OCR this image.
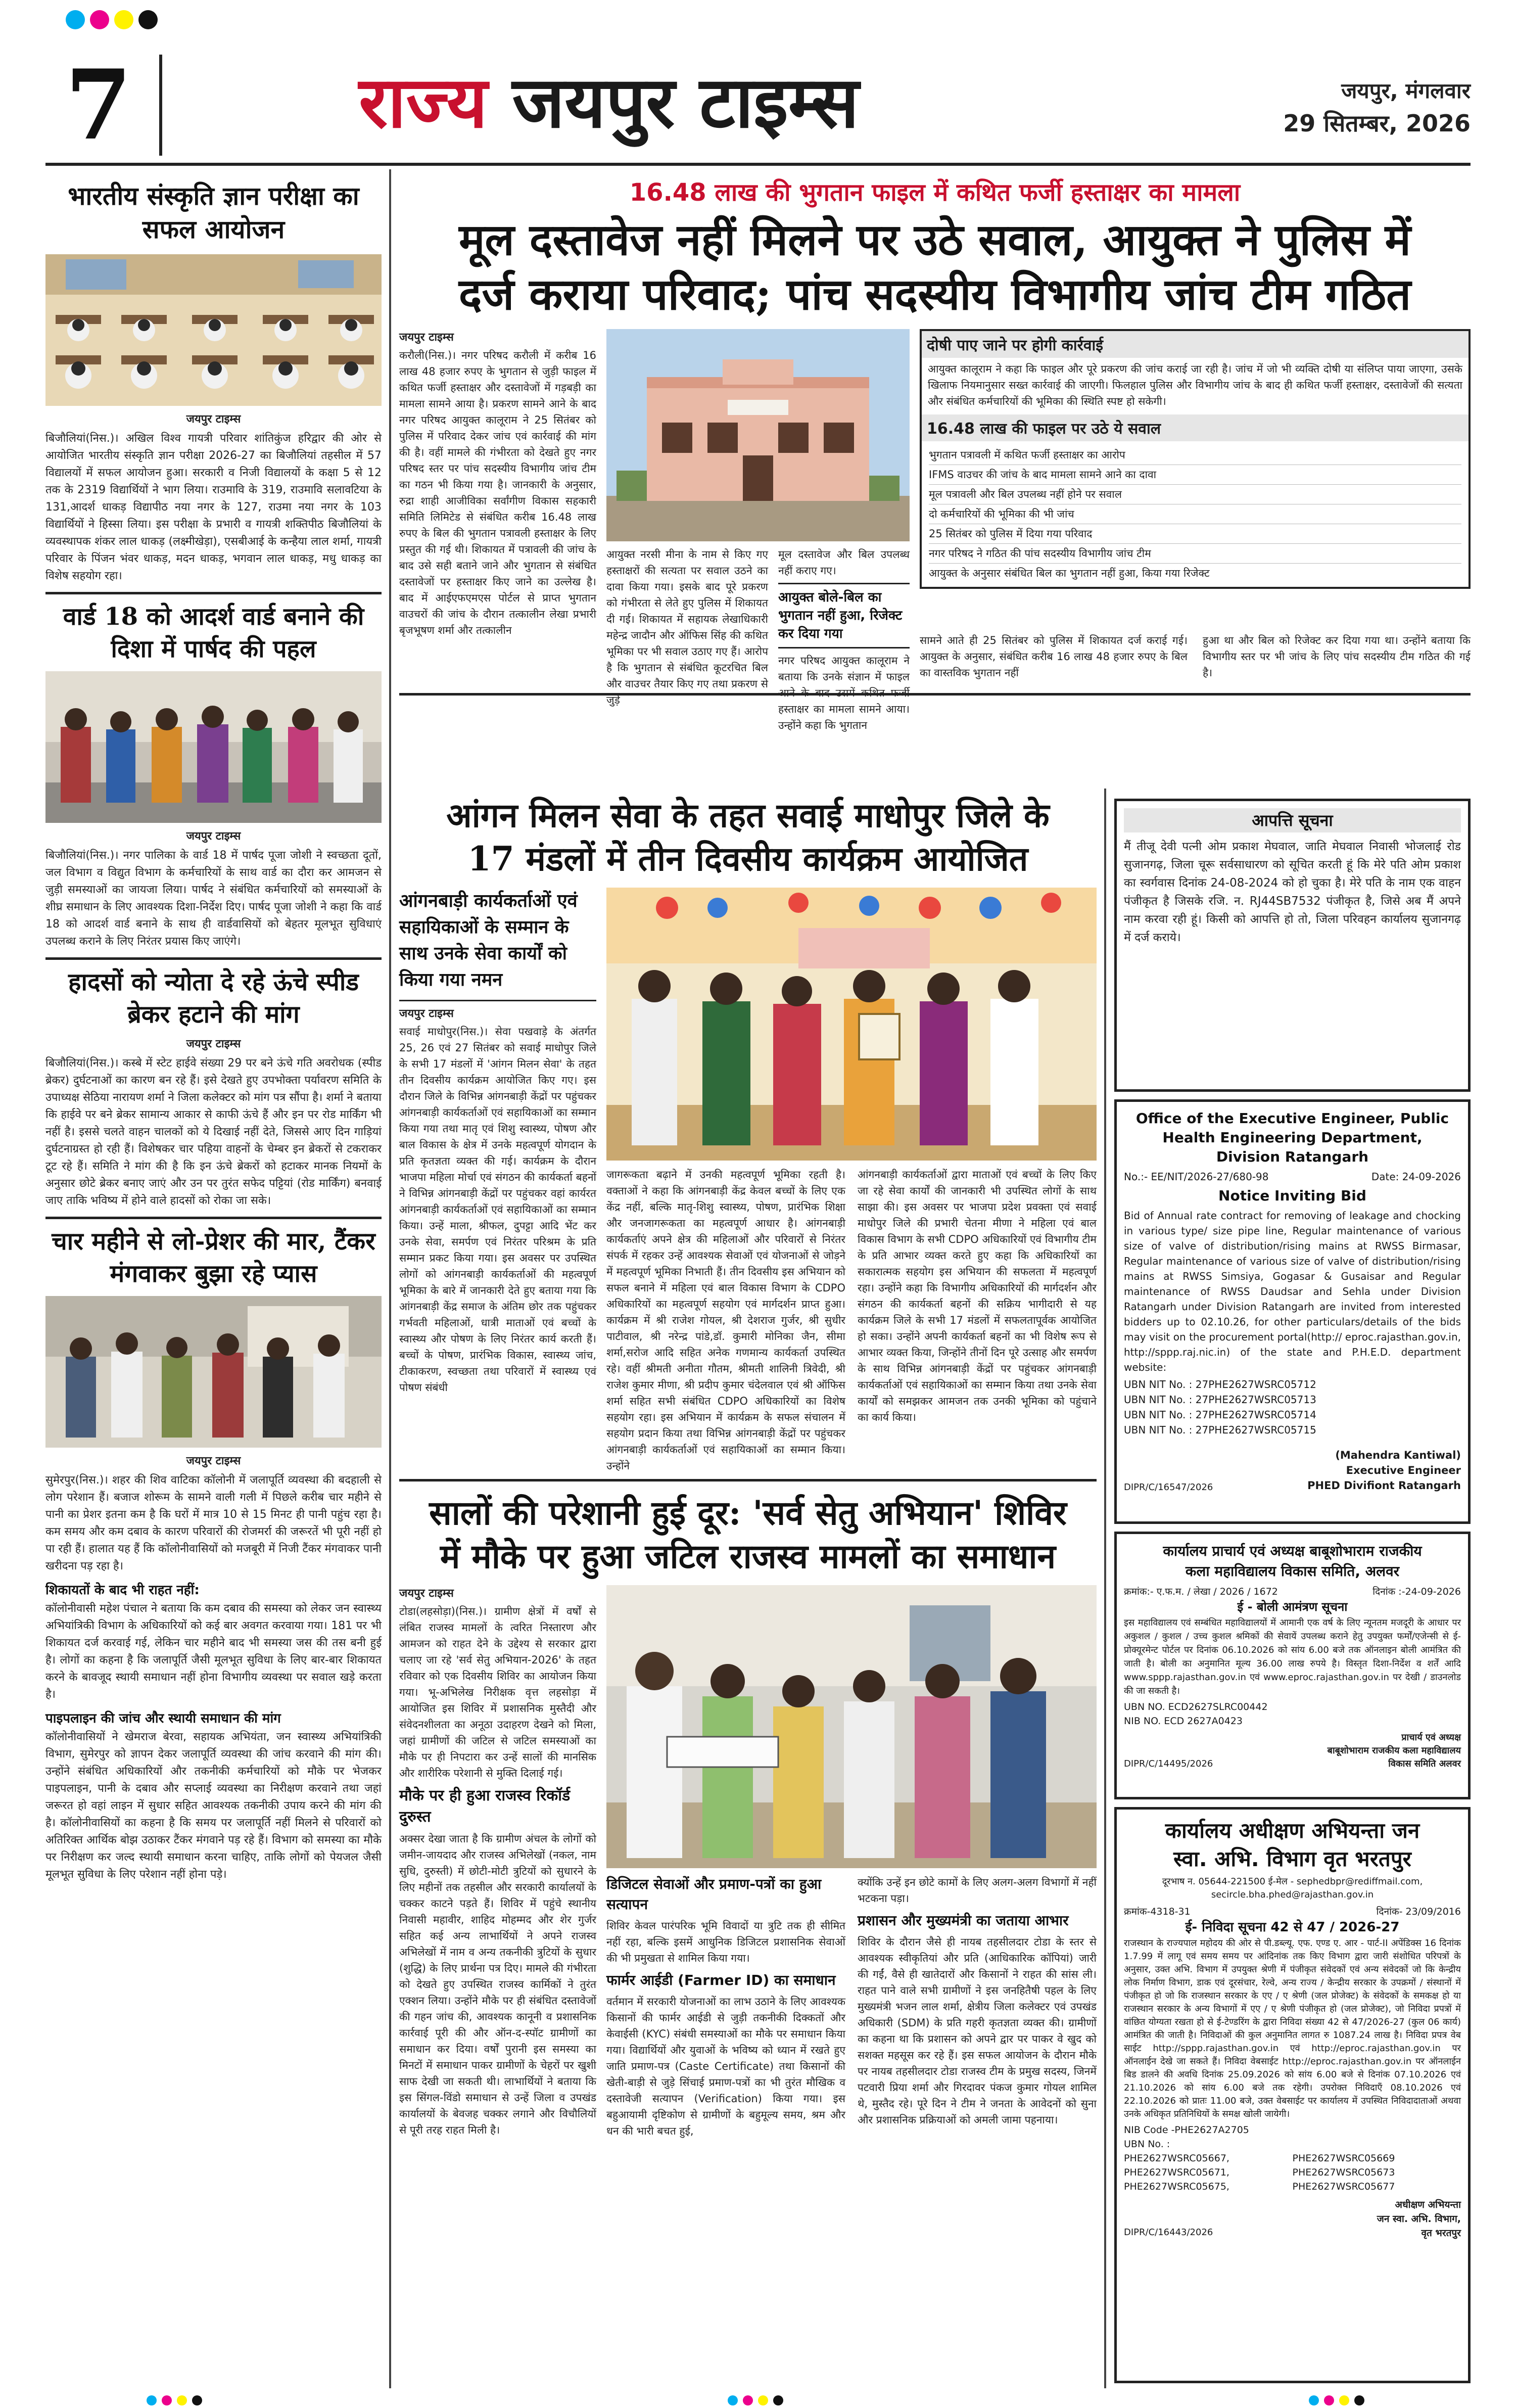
7	राज्य जयपुर टाइम्स	जयपुर, मंगलवार
29 सितम्बर, 2026
भारतीय संस्कृति ज्ञान परीक्षा का सफल आयोजन
जयपुर टाइम्स

बिजौलियां(निस.)। अखिल विश्व गायत्री परिवार शांतिकुंज हरिद्वार की ओर से आयोजित भारतीय संस्कृति ज्ञान परीक्षा 2026-27 का बिजौलियां तहसील में 57 विद्यालयों में सफल आयोजन हुआ। सरकारी व निजी विद्यालयों के कक्षा 5 से 12 तक के 2319 विद्यार्थियों ने भाग लिया। राउमावि के 319, राउमावि सलावटिया के 131,आदर्श धाकड़ विद्यापीठ नया नगर के 127, राउमा नया नगर के 103 विद्यार्थियों ने हिस्सा लिया। इस परीक्षा के प्रभारी व गायत्री शक्तिपीठ बिजौलियां के व्यवस्थापक शंकर लाल धाकड़ (लक्ष्मीखेड़ा), एसबीआई के कन्हैया लाल शर्मा, गायत्री परिवार के पिंजन भंवर धाकड़, मदन धाकड़, भगवान लाल धाकड़, मधु धाकड़ का विशेष सहयोग रहा।

वार्ड 18 को आदर्श वार्ड बनाने की दिशा में पार्षद की पहल
जयपुर टाइम्स

बिजौलियां(निस.)। नगर पालिका के वार्ड 18 में पार्षद पूजा जोशी ने स्वच्छता दूतों, जल विभाग व विद्युत विभाग के कर्मचारियों के साथ वार्ड का दौरा कर आमजन से जुड़ी समस्याओं का जायजा लिया। पार्षद ने संबंधित कर्मचारियों को समस्याओं के शीघ्र समाधान के लिए आवश्यक दिशा-निर्देश दिए। पार्षद पूजा जोशी ने कहा कि वार्ड 18 को आदर्श वार्ड बनाने के साथ ही वार्डवासियों को बेहतर मूलभूत सुविधाएं उपलब्ध कराने के लिए निरंतर प्रयास किए जाएंगे।

हादसों को न्योता दे रहे ऊंचे स्पीड ब्रेकर हटाने की मांग
जयपुर टाइम्स

बिजौलियां(निस.)। कस्बे में स्टेट हाईवे संख्या 29 पर बने ऊंचे गति अवरोधक (स्पीड ब्रेकर) दुर्घटनाओं का कारण बन रहे हैं। इसे देखते हुए उपभोक्ता पर्यावरण समिति के उपाध्यक्ष सेठिया नारायण शर्मा ने जिला कलेक्टर को मांग पत्र सौंपा है। शर्मा ने बताया कि हाईवे पर बने ब्रेकर सामान्य आकार से काफी ऊंचे हैं और इन पर रोड मार्किंग भी नहीं है। इससे चलते वाहन चालकों को ये दिखाई नहीं देते, जिससे आए दिन गाड़ियां दुर्घटनाग्रस्त हो रही हैं। विशेषकर चार पहिया वाहनों के चेम्बर इन ब्रेकरों से टकराकर टूट रहे हैं। समिति ने मांग की है कि इन ऊंचे ब्रेकरों को हटाकर मानक नियमों के अनुसार छोटे ब्रेकर बनाए जाएं और उन पर तुरंत सफेद पट्टियां (रोड मार्किंग) बनवाई जाए ताकि भविष्य में होने वाले हादसों को रोका जा सके।

चार महीने से लो-प्रेशर की मार, टैंकर मंगवाकर बुझा रहे प्यास
जयपुर टाइम्स

सुमेरपुर(निस.)। शहर की शिव वाटिका कॉलोनी में जलापूर्ति व्यवस्था की बदहाली से लोग परेशान हैं। बजाज शोरूम के सामने वाली गली में पिछले करीब चार महीने से पानी का प्रेशर इतना कम है कि घरों में मात्र 10 से 15 मिनट ही पानी पहुंच रहा है। कम समय और कम दबाव के कारण परिवारों की रोजमर्रा की जरूरतें भी पूरी नहीं हो पा रही हैं। हालात यह हैं कि कॉलोनीवासियों को मजबूरी में निजी टैंकर मंगवाकर पानी खरीदना पड़ रहा है।

शिकायतों के बाद भी राहत नहीं:

कॉलोनीवासी महेश पंचाल ने बताया कि कम दबाव की समस्या को लेकर जन स्वास्थ्य अभियांत्रिकी विभाग के अधिकारियों को कई बार अवगत करवाया गया। 181 पर भी शिकायत दर्ज करवाई गई, लेकिन चार महीने बाद भी समस्या जस की तस बनी हुई है। लोगों का कहना है कि जलापूर्ति जैसी मूलभूत सुविधा के लिए बार-बार शिकायत करने के बावजूद स्थायी समाधान नहीं होना विभागीय व्यवस्था पर सवाल खड़े करता है।

पाइपलाइन की जांच और स्थायी समाधान की मांग

कॉलोनीवासियों ने खेमराज बेरवा, सहायक अभियंता, जन स्वास्थ्य अभियांत्रिकी विभाग, सुमेरपुर को ज्ञापन देकर जलापूर्ति व्यवस्था की जांच करवाने की मांग की। उन्होंने संबंधित अधिकारियों और तकनीकी कर्मचारियों को मौके पर भेजकर पाइपलाइन, पानी के दबाव और सप्लाई व्यवस्था का निरीक्षण करवाने तथा जहां जरूरत हो वहां लाइन में सुधार सहित आवश्यक तकनीकी उपाय करने की मांग की है। कॉलोनीवासियों का कहना है कि समय पर जलापूर्ति नहीं मिलने से परिवारों को अतिरिक्त आर्थिक बोझ उठाकर टैंकर मंगवाने पड़ रहे हैं। विभाग को समस्या का मौके पर निरीक्षण कर जल्द स्थायी समाधान करना चाहिए, ताकि लोगों को पेयजल जैसी मूलभूत सुविधा के लिए परेशान नहीं होना पड़े।

16.48 लाख की भुगतान फाइल में कथित फर्जी हस्ताक्षर का मामला
मूल दस्तावेज नहीं मिलने पर उठे सवाल, आयुक्त ने पुलिस में
दर्ज कराया परिवाद; पांच सदस्यीय विभागीय जांच टीम गठित
जयपुर टाइम्स

करौली(निस.)। नगर परिषद करौली में करीब 16 लाख 48 हजार रुपए के भुगतान से जुड़ी फाइल में कथित फर्जी हस्ताक्षर और दस्तावेजों में गड़बड़ी का मामला सामने आया है। प्रकरण सामने आने के बाद नगर परिषद आयुक्त कालूराम ने 25 सितंबर को पुलिस में परिवाद देकर जांच एवं कार्रवाई की मांग की है। वहीं मामले की गंभीरता को देखते हुए नगर परिषद स्तर पर पांच सदस्यीय विभागीय जांच टीम का गठन भी किया गया है। जानकारी के अनुसार, रुद्रा शाही आजीविका सर्वांगीण विकास सहकारी समिति लिमिटेड से संबंधित करीब 16.48 लाख रुपए के बिल की भुगतान पत्रावली हस्ताक्षर के लिए प्रस्तुत की गई थी। शिकायत में पत्रावली की जांच के बाद उसे सही बताने जाने और भुगतान से संबंधित दस्तावेजों पर हस्ताक्षर किए जाने का उल्लेख है। बाद में आईएफएमएस पोर्टल से प्राप्त भुगतान वाउचरों की जांच के दौरान तत्कालीन लेखा प्रभारी बृजभूषण शर्मा और तत्कालीन

आयुक्त नरसी मीना के नाम से किए गए हस्ताक्षरों की सत्यता पर सवाल उठने का दावा किया गया। इसके बाद पूरे प्रकरण को गंभीरता से लेते हुए पुलिस में शिकायत दी गई। शिकायत में सहायक लेखाधिकारी महेन्द्र जादौन और ऑफिस सिंह की कथित भूमिका पर भी सवाल उठाए गए हैं। आरोप है कि भुगतान से संबंधित कूटरचित बिल और वाउचर तैयार किए गए तथा प्रकरण से जुड़े

मूल दस्तावेज और बिल उपलब्ध नहीं कराए गए।

आयुक्त बोले-बिल का भुगतान नहीं हुआ, रिजेक्ट कर दिया गया

नगर परिषद आयुक्त कालूराम ने बताया कि उनके संज्ञान में फाइल आने के बाद उसमें कथित फर्जी हस्ताक्षर का मामला सामने आया। उन्होंने कहा कि भुगतान

दोषी पाए जाने पर होगी कार्रवाई

आयुक्त कालूराम ने कहा कि फाइल और पूरे प्रकरण की जांच कराई जा रही है। जांच में जो भी व्यक्ति दोषी या संलिप्त पाया जाएगा, उसके खिलाफ नियमानुसार सख्त कार्रवाई की जाएगी। फिलहाल पुलिस और विभागीय जांच के बाद ही कथित फर्जी हस्ताक्षर, दस्तावेजों की सत्यता और संबंधित कर्मचारियों की भूमिका की स्थिति स्पष्ट हो सकेगी।

16.48 लाख की फाइल पर उठे ये सवाल
भुगतान पत्रावली में कथित फर्जी हस्ताक्षर का आरोप
IFMS वाउचर की जांच के बाद मामला सामने आने का दावा
मूल पत्रावली और बिल उपलब्ध नहीं होने पर सवाल
दो कर्मचारियों की भूमिका की भी जांच
25 सितंबर को पुलिस में दिया गया परिवाद
नगर परिषद ने गठित की पांच सदस्यीय विभागीय जांच टीम
आयुक्त के अनुसार संबंधित बिल का भुगतान नहीं हुआ, किया गया रिजेक्ट

सामने आते ही 25 सितंबर को पुलिस में शिकायत दर्ज कराई गई। आयुक्त के अनुसार, संबंधित करीब 16 लाख 48 हजार रुपए के बिल का वास्तविक भुगतान नहीं

हुआ था और बिल को रिजेक्ट कर दिया गया था। उन्होंने बताया कि विभागीय स्तर पर भी जांच के लिए पांच सदस्यीय टीम गठित की गई है।

आंगन मिलन सेवा के तहत सवाई माधोपुर जिले के
17 मंडलों में तीन दिवसीय कार्यक्रम आयोजित
आंगनबाड़ी कार्यकर्ताओं एवं सहायिकाओं के सम्मान के साथ उनके सेवा कार्यों को किया गया नमन
जयपुर टाइम्स

सवाई माधोपुर(निस.)। सेवा पखवाड़े के अंतर्गत 25, 26 एवं 27 सितंबर को सवाई माधोपुर जिले के सभी 17 मंडलों में 'आंगन मिलन सेवा' के तहत तीन दिवसीय कार्यक्रम आयोजित किए गए। इस दौरान जिले के विभिन्न आंगनबाड़ी केंद्रों पर पहुंचकर आंगनबाड़ी कार्यकर्ताओं एवं सहायिकाओं का सम्मान किया गया तथा मातृ एवं शिशु स्वास्थ्य, पोषण और बाल विकास के क्षेत्र में उनके महत्वपूर्ण योगदान के प्रति कृतज्ञता व्यक्त की गई। कार्यक्रम के दौरान भाजपा महिला मोर्चा एवं संगठन की कार्यकर्ता बहनों ने विभिन्न आंगनबाड़ी केंद्रों पर पहुंचकर वहां कार्यरत आंगनबाड़ी कार्यकर्ताओं एवं सहायिकाओं का सम्मान किया। उन्हें माला, श्रीफल, दुपट्टा आदि भेंट कर उनके सेवा, समर्पण एवं निरंतर परिश्रम के प्रति सम्मान प्रकट किया गया। इस अवसर पर उपस्थित लोगों को आंगनबाड़ी कार्यकर्ताओं की महत्वपूर्ण भूमिका के बारे में जानकारी देते हुए बताया गया कि आंगनबाड़ी केंद्र समाज के अंतिम छोर तक पहुंचकर गर्भवती महिलाओं, धात्री माताओं एवं बच्चों के स्वास्थ्य और पोषण के लिए निरंतर कार्य करती हैं। बच्चों के पोषण, प्रारंभिक विकास, स्वास्थ्य जांच, टीकाकरण, स्वच्छता तथा परिवारों में स्वास्थ्य एवं पोषण संबंधी

जागरूकता बढ़ाने में उनकी महत्वपूर्ण भूमिका रहती है। वक्ताओं ने कहा कि आंगनबाड़ी केंद्र केवल बच्चों के लिए एक केंद्र नहीं, बल्कि मातृ-शिशु स्वास्थ्य, पोषण, प्रारंभिक शिक्षा और जनजागरूकता का महत्वपूर्ण आधार है। आंगनबाड़ी कार्यकर्ताएं अपने क्षेत्र की महिलाओं और परिवारों से निरंतर संपर्क में रहकर उन्हें आवश्यक सेवाओं एवं योजनाओं से जोड़ने में महत्वपूर्ण भूमिका निभाती हैं। तीन दिवसीय इस अभियान को सफल बनाने में महिला एवं बाल विकास विभाग के CDPO अधिकारियों का महत्वपूर्ण सहयोग एवं मार्गदर्शन प्राप्त हुआ। कार्यक्रम में श्री राजेश गोयल, श्री देशराज गुर्जर, श्री सुधीर पाटीवाल, श्री नरेन्द्र पांडे,डॉ. कुमारी मोनिका जैन, सीमा शर्मा,सरोज आदि सहित अनेक गणमान्य कार्यकर्ता उपस्थित रहे। वहीं श्रीमती अनीता गौतम, श्रीमती शालिनी त्रिवेदी, श्री राजेश कुमार मीणा, श्री प्रदीप कुमार चंदेलवाल एवं श्री ऑफिस शर्मा सहित सभी संबंधित CDPO अधिकारियों का विशेष सहयोग रहा। इस अभियान में कार्यक्रम के सफल संचालन में सहयोग प्रदान किया तथा विभिन्न आंगनबाड़ी केंद्रों पर पहुंचकर आंगनबाड़ी कार्यकर्ताओं एवं सहायिकाओं का सम्मान किया। उन्होंने

आंगनबाड़ी कार्यकर्ताओं द्वारा माताओं एवं बच्चों के लिए किए जा रहे सेवा कार्यों की जानकारी भी उपस्थित लोगों के साथ साझा की। इस अवसर पर भाजपा प्रदेश प्रवक्ता एवं सवाई माधोपुर जिले की प्रभारी चेतना मीणा ने महिला एवं बाल विकास विभाग के सभी CDPO अधिकारियों एवं विभागीय टीम के प्रति आभार व्यक्त करते हुए कहा कि अधिकारियों का सकारात्मक सहयोग इस अभियान की सफलता में महत्वपूर्ण रहा। उन्होंने कहा कि विभागीय अधिकारियों की मार्गदर्शन और संगठन की कार्यकर्ता बहनों की सक्रिय भागीदारी से यह कार्यक्रम जिले के सभी 17 मंडलों में सफलतापूर्वक आयोजित हो सका। उन्होंने अपनी कार्यकर्ता बहनों का भी विशेष रूप से आभार व्यक्त किया, जिन्होंने तीनों दिन पूरे उत्साह और समर्पण के साथ विभिन्न आंगनबाड़ी केंद्रों पर पहुंचकर आंगनबाड़ी कार्यकर्ताओं एवं सहायिकाओं का सम्मान किया तथा उनके सेवा कार्यों को समझकर आमजन तक उनकी भूमिका को पहुंचाने का कार्य किया।

सालों की परेशानी हुई दूर: 'सर्व सेतु अभियान' शिविर
में मौके पर हुआ जटिल राजस्व मामलों का समाधान
जयपुर टाइम्स

टोडा(लहसोड़ा)(निस.)। ग्रामीण क्षेत्रों में वर्षों से लंबित राजस्व मामलों के त्वरित निस्तारण और आमजन को राहत देने के उद्देश्य से सरकार द्वारा चलाए जा रहे 'सर्व सेतु अभियान-2026' के तहत रविवार को एक दिवसीय शिविर का आयोजन किया गया। भू-अभिलेख निरीक्षक वृत्त लहसोड़ा में आयोजित इस शिविर में प्रशासनिक मुस्तैदी और संवेदनशीलता का अनूठा उदाहरण देखने को मिला, जहां ग्रामीणों की जटिल से जटिल समस्याओं का मौके पर ही निपटारा कर उन्हें सालों की मानसिक और शारीरिक परेशानी से मुक्ति दिलाई गई।

मौके पर ही हुआ राजस्व रिकॉर्ड दुरुस्त

अक्सर देखा जाता है कि ग्रामीण अंचल के लोगों को जमीन-जायदाद और राजस्व अभिलेखों (नकल, नाम सुधि, दुरुस्ती) में छोटी-मोटी त्रुटियों को सुधारने के लिए महीनों तक तहसील और सरकारी कार्यालयों के चक्कर काटने पड़ते हैं। शिविर में पहुंचे स्थानीय निवासी महावीर, शाहिद मोहम्मद और शेर गुर्जर सहित कई अन्य लाभार्थियों ने अपने राजस्व अभिलेखों में नाम व अन्य तकनीकी त्रुटियों के सुधार (शुद्धि) के लिए प्रार्थना पत्र दिए। मामले की गंभीरता को देखते हुए उपस्थित राजस्व कार्मिकों ने तुरंत एक्शन लिया। उन्होंने मौके पर ही संबंधित दस्तावेजों की गहन जांच की, आवश्यक कानूनी व प्रशासनिक कार्रवाई पूरी की और ऑन-द-स्पॉट ग्रामीणों का समाधान कर दिया। वर्षों पुरानी इस समस्या का मिनटों में समाधान पाकर ग्रामीणों के चेहरों पर खुशी साफ देखी जा सकती थी। लाभार्थियों ने बताया कि इस सिंगल-विंडो समाधान से उन्हें जिला व उपखंड कार्यालयों के बेवजह चक्कर लगाने और विचौलियों से पूरी तरह राहत मिली है।

डिजिटल सेवाओं और प्रमाण-पत्रों का हुआ सत्यापन

शिविर केवल पारंपरिक भूमि विवादों या त्रुटि तक ही सीमित नहीं रहा, बल्कि इसमें आधुनिक डिजिटल प्रशासनिक सेवाओं की भी प्रमुखता से शामिल किया गया।

फार्मर आईडी (Farmer ID) का समाधान

वर्तमान में सरकारी योजनाओं का लाभ उठाने के लिए आवश्यक किसानों की फार्मर आईडी से जुड़ी तकनीकी दिक्कतों और केवाईसी (KYC) संबंधी समस्याओं का मौके पर समाधान किया गया। विद्यार्थियों और युवाओं के भविष्य को ध्यान में रखते हुए जाति प्रमाण-पत्र (Caste Certificate) तथा किसानों की खेती-बाड़ी से जुड़े सिंचाई प्रमाण-पत्रों का भी तुरंत मौखिक व दस्तावेजी सत्यापन (Verification) किया गया। इस बहुआयामी दृष्टिकोण से ग्रामीणों के बहुमूल्य समय, श्रम और धन की भारी बचत हुई,

क्योंकि उन्हें इन छोटे कामों के लिए अलग-अलग विभागों में नहीं भटकना पड़ा।

प्रशासन और मुख्यमंत्री का जताया आभार

शिविर के दौरान जैसे ही नायब तहसीलदार टोडा के स्तर से आवश्यक स्वीकृतियां और प्रति (आधिकारिक कॉपियां) जारी की गईं, वैसे ही खातेदारों और किसानों ने राहत की सांस ली। राहत पाने वाले सभी ग्रामीणों ने इस जनहितैषी पहल के लिए मुख्यमंत्री भजन लाल शर्मा, क्षेत्रीय जिला कलेक्टर एवं उपखंड अधिकारी (SDM) के प्रति गहरी कृतज्ञता व्यक्त की। ग्रामीणों का कहना था कि प्रशासन को अपने द्वार पर पाकर वे खुद को सशक्त महसूस कर रहे हैं। इस सफल आयोजन के दौरान मौके पर नायब तहसीलदार टोडा राजस्व टीम के प्रमुख सदस्य, जिनमें पटवारी प्रिया शर्मा और गिरदावर पंकज कुमार गोयल शामिल थे, मुस्तैद रहे। पूरे दिन ने टीम ने जनता के आवेदनों को सुना और प्रशासनिक प्रक्रियाओं को अमली जामा पहनाया।

आपत्ति सूचना

मैं तीजू देवी पत्नी ओम प्रकाश मेघवाल, जाति मेघवाल निवासी भोजलाई रोड सुजानगढ़, जिला चूरू सर्वसाधारण को सूचित करती हूं कि मेरे पति ओम प्रकाश का स्वर्गवास दिनांक 24-08-2024 को हो चुका है। मेरे पति के नाम एक वाहन पंजीकृत है जिसके रजि. न. RJ44SB7532 पंजीकृत है, जिसे अब मैं अपने नाम करवा रही हूं। किसी को आपत्ति हो तो, जिला परिवहन कार्यालय सुजानगढ़ में दर्ज कराये।

Office of the Executive Engineer, Public
Health Engineering Department,
Division Ratangarh
No.:- EE/NIT/2026-27/680-98	Date: 24-09-2026
Notice Inviting Bid

Bid of Annual rate contract for removing of leakage and chocking in various type/ size pipe line, Regular maintenance of various size of valve of distribution/rising mains at RWSS Birmasar, Regular maintenance of various size of valve of distribution/rising mains at RWSS Simsiya, Gogasar & Gusaisar and Regular maintenance of RWSS Daudsar and Sehla under Division Ratangarh under Division Ratangarh are invited from interested bidders up to 02.10.26, for other particulars/details of the bids may visit on the procurement portal(http:// eproc.rajasthan.gov.in, http://sppp.raj.nic.in) of the state and P.H.E.D. department website:

UBN NIT No. : 27PHE2627WSRC05712
UBN NIT No. : 27PHE2627WSRC05713
UBN NIT No. : 27PHE2627WSRC05714
UBN NIT No. : 27PHE2627WSRC05715
(Mahendra Kantiwal)
Executive Engineer
PHED Divifiont Ratangarh
DIPR/C/16547/2026
कार्यालय प्राचार्य एवं अध्यक्ष बाबूशोभाराम राजकीय
कला महाविद्यालय विकास समिति, अलवर
क्रमांक:- ए.फ.म. / लेखा / 2026 / 1672	दिनांक :-24-09-2026
ई - बोली आमंत्रण सूचना

इस महाविद्यालय एवं सम्बंधित महाविद्यालयों में आमानी एक वर्ष के लिए न्यूनतम मजदूरी के आधार पर अकुशल / कुशल / उच्च कुशल श्रमिकों की सेवायें उपलब्ध कराने हेतु उपयुक्त फर्मों/एजेन्सी से ई-प्रोक्यूरमेन्ट पोर्टल पर दिनांक 06.10.2026 को सांय 6.00 बजे तक ऑनलाइन बोली आमंत्रित की जाती है। बोली का अनुमानित मूल्य 36.00 लाख रुपये है। विस्तृत दिशा-निर्देश व शर्तें आदि www.sppp.rajasthan.gov.in एवं www.eproc.rajasthan.gov.in पर देखी / डाउनलोड की जा सकती है।

UBN NO. ECD2627SLRC00442
NIB NO. ECD 2627A0423
प्राचार्य एवं अध्यक्ष
बाबूशोभाराम राजकीय कला महाविद्यालय
विकास समिति अलवर
DIPR/C/14495/2026
कार्यालय अधीक्षण अभियन्ता जन
स्वा. अभि. विभाग वृत भरतपुर

दूरभाष न. 05644-221500 ई-मेल - sephedbpr@rediffmail.com, secircle.bha.phed@rajasthan.gov.in

क्रमांक-4318-31	दिनांक- 23/09/2016
ई- निविदा सूचना 42 से 47 / 2026-27

राजस्थान के राज्यपाल महोदय की ओर से पी.डब्ल्यू. एफ. एण्ड ए. आर - पार्ट-II अपेंडिक्स 16 दिनांक 1.7.99 में लागू एवं समय समय पर आंदिनांक तक किए विभाग द्वारा जारी संशोधित परिपत्रों के अनुसार, उक्त अभि. विभाग में उपयुक्त श्रेणी में पंजीकृत संवेदकों एवं अन्य संवेदकों जो कि केन्द्रीय लोक निर्माण विभाग, डाक एवं दूरसंचार, रेल्वे, अन्य राज्य / केन्द्रीय सरकार के उपक्रमों / संस्थानों में पंजीकृत हो जो कि राजस्थान सरकार के एए / ए श्रेणी (जल प्रोजेक्ट) के संवेदकों के समकक्ष हो या राजस्थान सरकार के अन्य विभागों में एए / ए श्रेणी पंजीकृत हो (जल प्रोजेक्ट), जो निविदा प्रपत्रों में वांछित योग्यता रखता हो से ई-टेण्डरिंग के द्वारा निविदा संख्या 42 से 47/2026-27 (कुल 06 कार्य) आमंत्रित की जाती है। निविदाओं की कुल अनुमानित लागत रु 1087.24 लाख है। निविदा प्रपत्र वेब साईट http://sppp.rajasthan.gov.in एवं http://eproc.rajasthan.gov.in पर ऑनलाईन देखे जा सकते हैं। निविदा वेबसाईट http://eproc.rajasthan.gov.in पर ऑनलाईन बिड डालने की अवधि दिनांक 25.09.2026 को सांय 6.00 बजे से दिनांक 07.10.2026 एवं 21.10.2026 को सांय 6.00 बजे तक रहेगी। उपरोक्त निविदाएँ 08.10.2026 एवं 22.10.2026 को प्रातः 11.00 बजे, उक्त वेबसाईट पर कार्यालय में उपस्थित निविदादाताओं अथवा उनके अधिकृत प्रतिनिधियों के समक्ष खोली जायेगी।

NIB Code -PHE2627A2705
UBN No. :
PHE2627WSRC05667,	PHE2627WSRC05669
PHE2627WSRC05671,	PHE2627WSRC05673
PHE2627WSRC05675,	PHE2627WSRC05677
अधीक्षण अभियन्ता
जन स्वा. अभि. विभाग,
वृत भरतपुर
DIPR/C/16443/2026
